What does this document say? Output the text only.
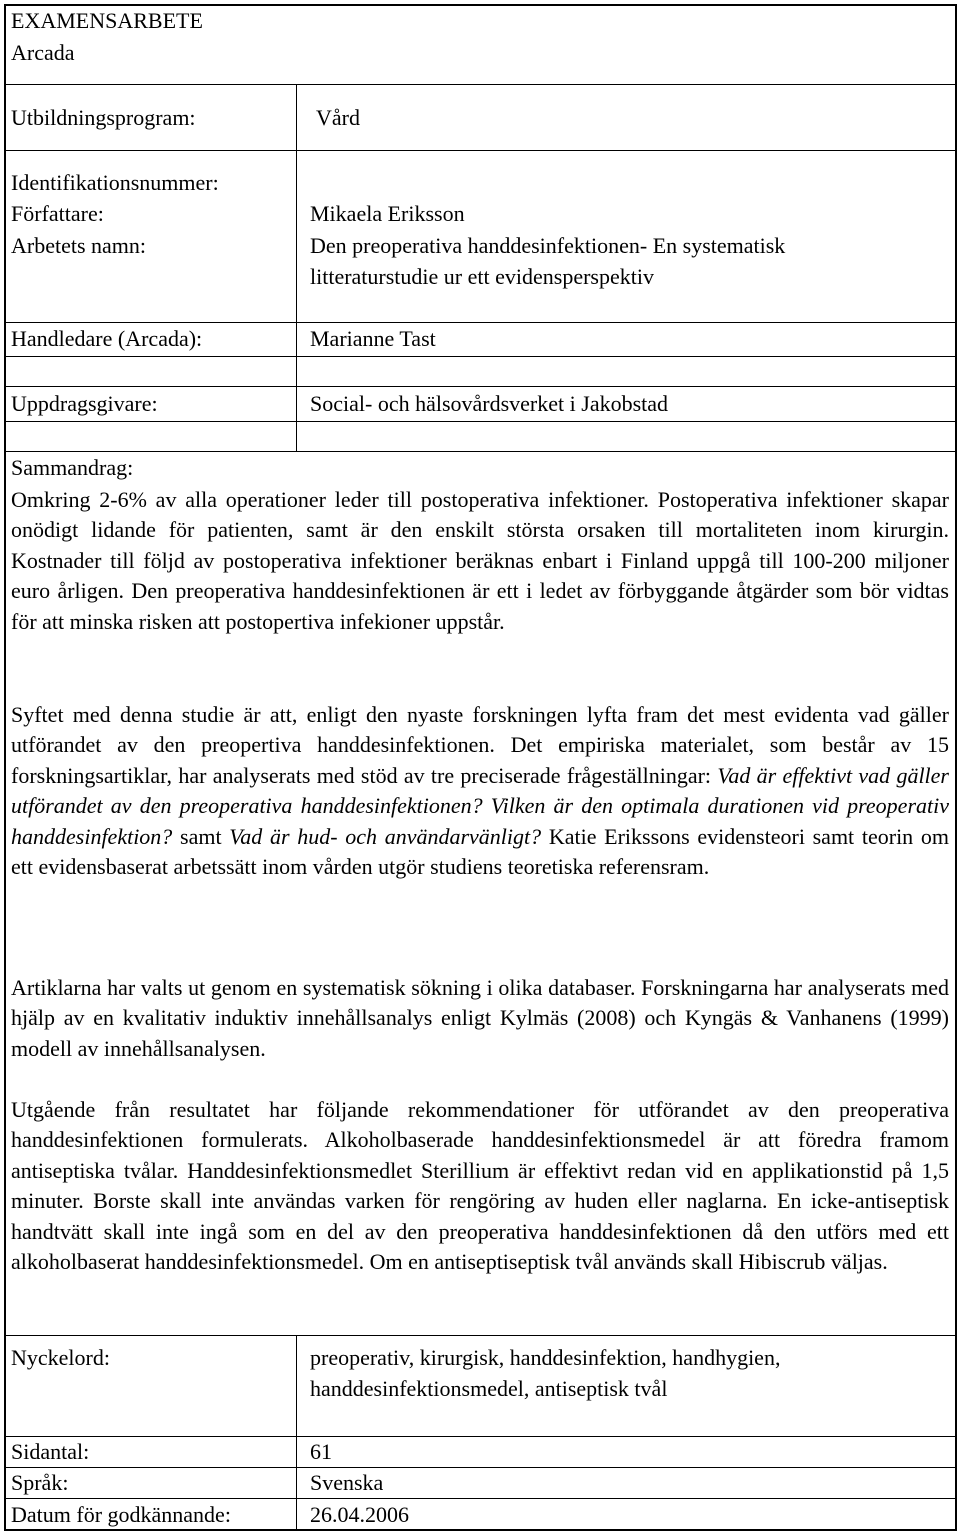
EXAMENSARBETE
Arcada
Utbildningsprogram:	Vård
Identifikationsnummer:
Författare:	Mikaela Eriksson
Arbetets namn:	Den preoperativa handdesinfektionen- En systematisk
litteraturstudie ur ett evidensperspektiv
Handledare (Arcada):	Marianne Tast
Uppdragsgivare:	Social- och hälsovårdsverket i Jakobstad
Sammandrag:
Omkring 2-6% av alla operationer leder till postoperativa infektioner. Postoperativa infektioner skapar onödigt lidande för patienten, samt är den enskilt största orsaken till mortaliteten inom kirurgin. Kostnader till följd av postoperativa infektioner beräknas enbart i Finland uppgå till 100-200 miljoner euro årligen. Den preoperativa handdesinfektionen är ett i ledet av förbyggande åtgärder som bör vidtas för att minska risken att postopertiva infekioner uppstår.
Syftet med denna studie är att, enligt den nyaste forskningen lyfta fram det mest evidenta vad gäller utförandet av den preopertiva handdesinfektionen. Det empiriska materialet, som består av 15 forskningsartiklar, har analyserats med stöd av tre preciserade frågeställningar: Vad är effektivt vad gäller utförandet av den preoperativa handdesinfektionen? Vilken är den optimala durationen vid preoperativ handdesinfektion? samt Vad är hud- och användarvänligt? Katie Erikssons evidensteori samt teorin om ett evidensbaserat arbetssätt inom vården utgör studiens teoretiska referensram.
Artiklarna har valts ut genom en systematisk sökning i olika databaser. Forskningarna har analyserats med hjälp av en kvalitativ induktiv innehållsanalys enligt Kylmäs (2008) och Kyngäs & Vanhanens (1999) modell av innehållsanalysen.
Utgående från resultatet har följande rekommendationer för utförandet av den preoperativa handdesinfektionen formulerats. Alkoholbaserade handdesinfektionsmedel är att föredra framom antiseptiska tvålar. Handdesinfektionsmedlet Sterillium är effektivt redan vid en applikationstid på 1,5 minuter. Borste skall inte användas varken för rengöring av huden eller naglarna. En icke-antiseptisk handtvätt skall inte ingå som en del av den preoperativa handdesinfektionen då den utförs med ett alkoholbaserat handdesinfektionsmedel. Om en antiseptiseptisk tvål används skall Hibiscrub väljas.
Nyckelord:	preoperativ, kirurgisk, handdesinfektion, handhygien,
handdesinfektionsmedel, antiseptisk tvål
Sidantal:	61
Språk:	Svenska
Datum för godkännande:	26.04.2006
